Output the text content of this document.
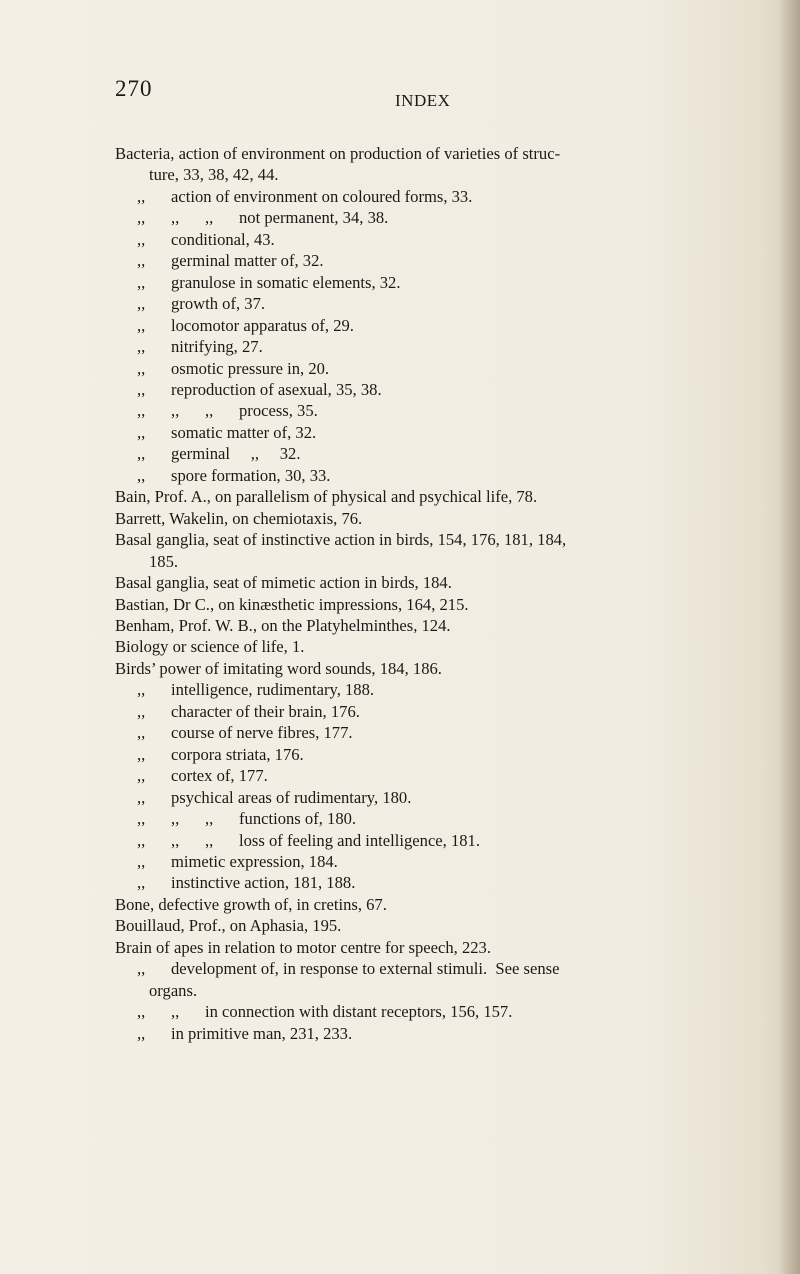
270	INDEX
Bacteria, action of environment on production of varieties of struc-
ture, 33, 38, 42, 44.
,, action of environment on coloured forms, 33.
,, ,, ,, not permanent, 34, 38.
,, conditional, 43.
,, germinal matter of, 32.
,, granulose in somatic elements, 32.
,, growth of, 37.
,, locomotor apparatus of, 29.
,, nitrifying, 27.
,, osmotic pressure in, 20.
,, reproduction of asexual, 35, 38.
,, ,, ,, process, 35.
,, somatic matter of, 32.
,, germinal     ,,     32.
,, spore formation, 30, 33.
Bain, Prof. A., on parallelism of physical and psychical life, 78.
Barrett, Wakelin, on chemiotaxis, 76.
Basal ganglia, seat of instinctive action in birds, 154, 176, 181, 184,
185.
Basal ganglia, seat of mimetic action in birds, 184.
Bastian, Dr C., on kinæsthetic impressions, 164, 215.
Benham, Prof. W. B., on the Platyhelminthes, 124.
Biology or science of life, 1.
Birds’ power of imitating word sounds, 184, 186.
,, intelligence, rudimentary, 188.
,, character of their brain, 176.
,, course of nerve fibres, 177.
,, corpora striata, 176.
,, cortex of, 177.
,, psychical areas of rudimentary, 180.
,, ,, ,, functions of, 180.
,, ,, ,, loss of feeling and intelligence, 181.
,, mimetic expression, 184.
,, instinctive action, 181, 188.
Bone, defective growth of, in cretins, 67.
Bouillaud, Prof., on Aphasia, 195.
Brain of apes in relation to motor centre for speech, 223.
,, development of, in response to external stimuli.  See sense
organs.
,, ,, in connection with distant receptors, 156, 157.
,, in primitive man, 231, 233.
